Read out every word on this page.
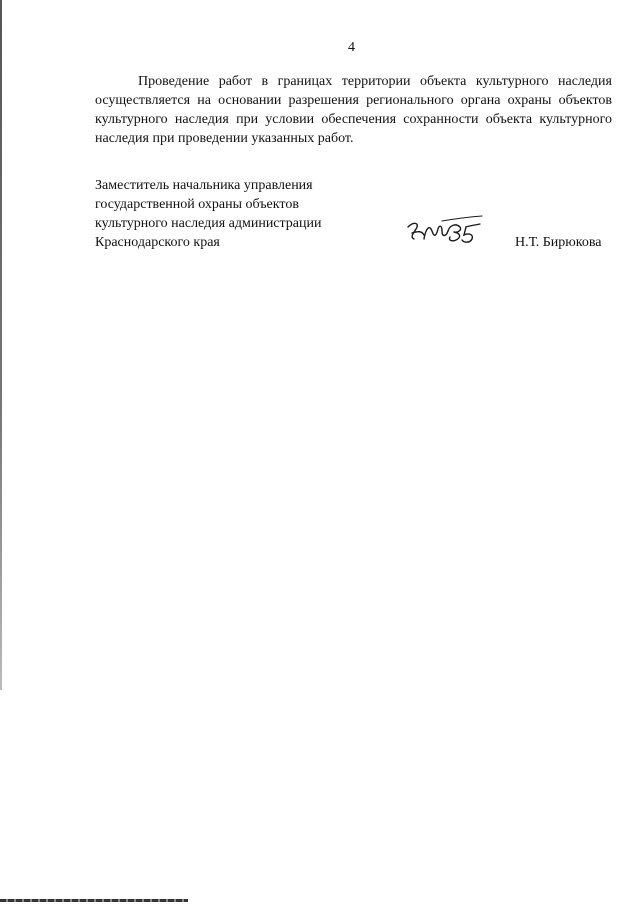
4

Проведение работ в границах территории объекта культурного наследия осуществляется на основании разрешения регионального органа охраны объектов культурного наследия при условии обеспечения сохранности объекта культурного наследия при проведении указанных работ.

Заместитель начальника управления
государственной охраны объектов
культурного наследия администрации
Краснодарского края	Н.Т. Бирюкова
